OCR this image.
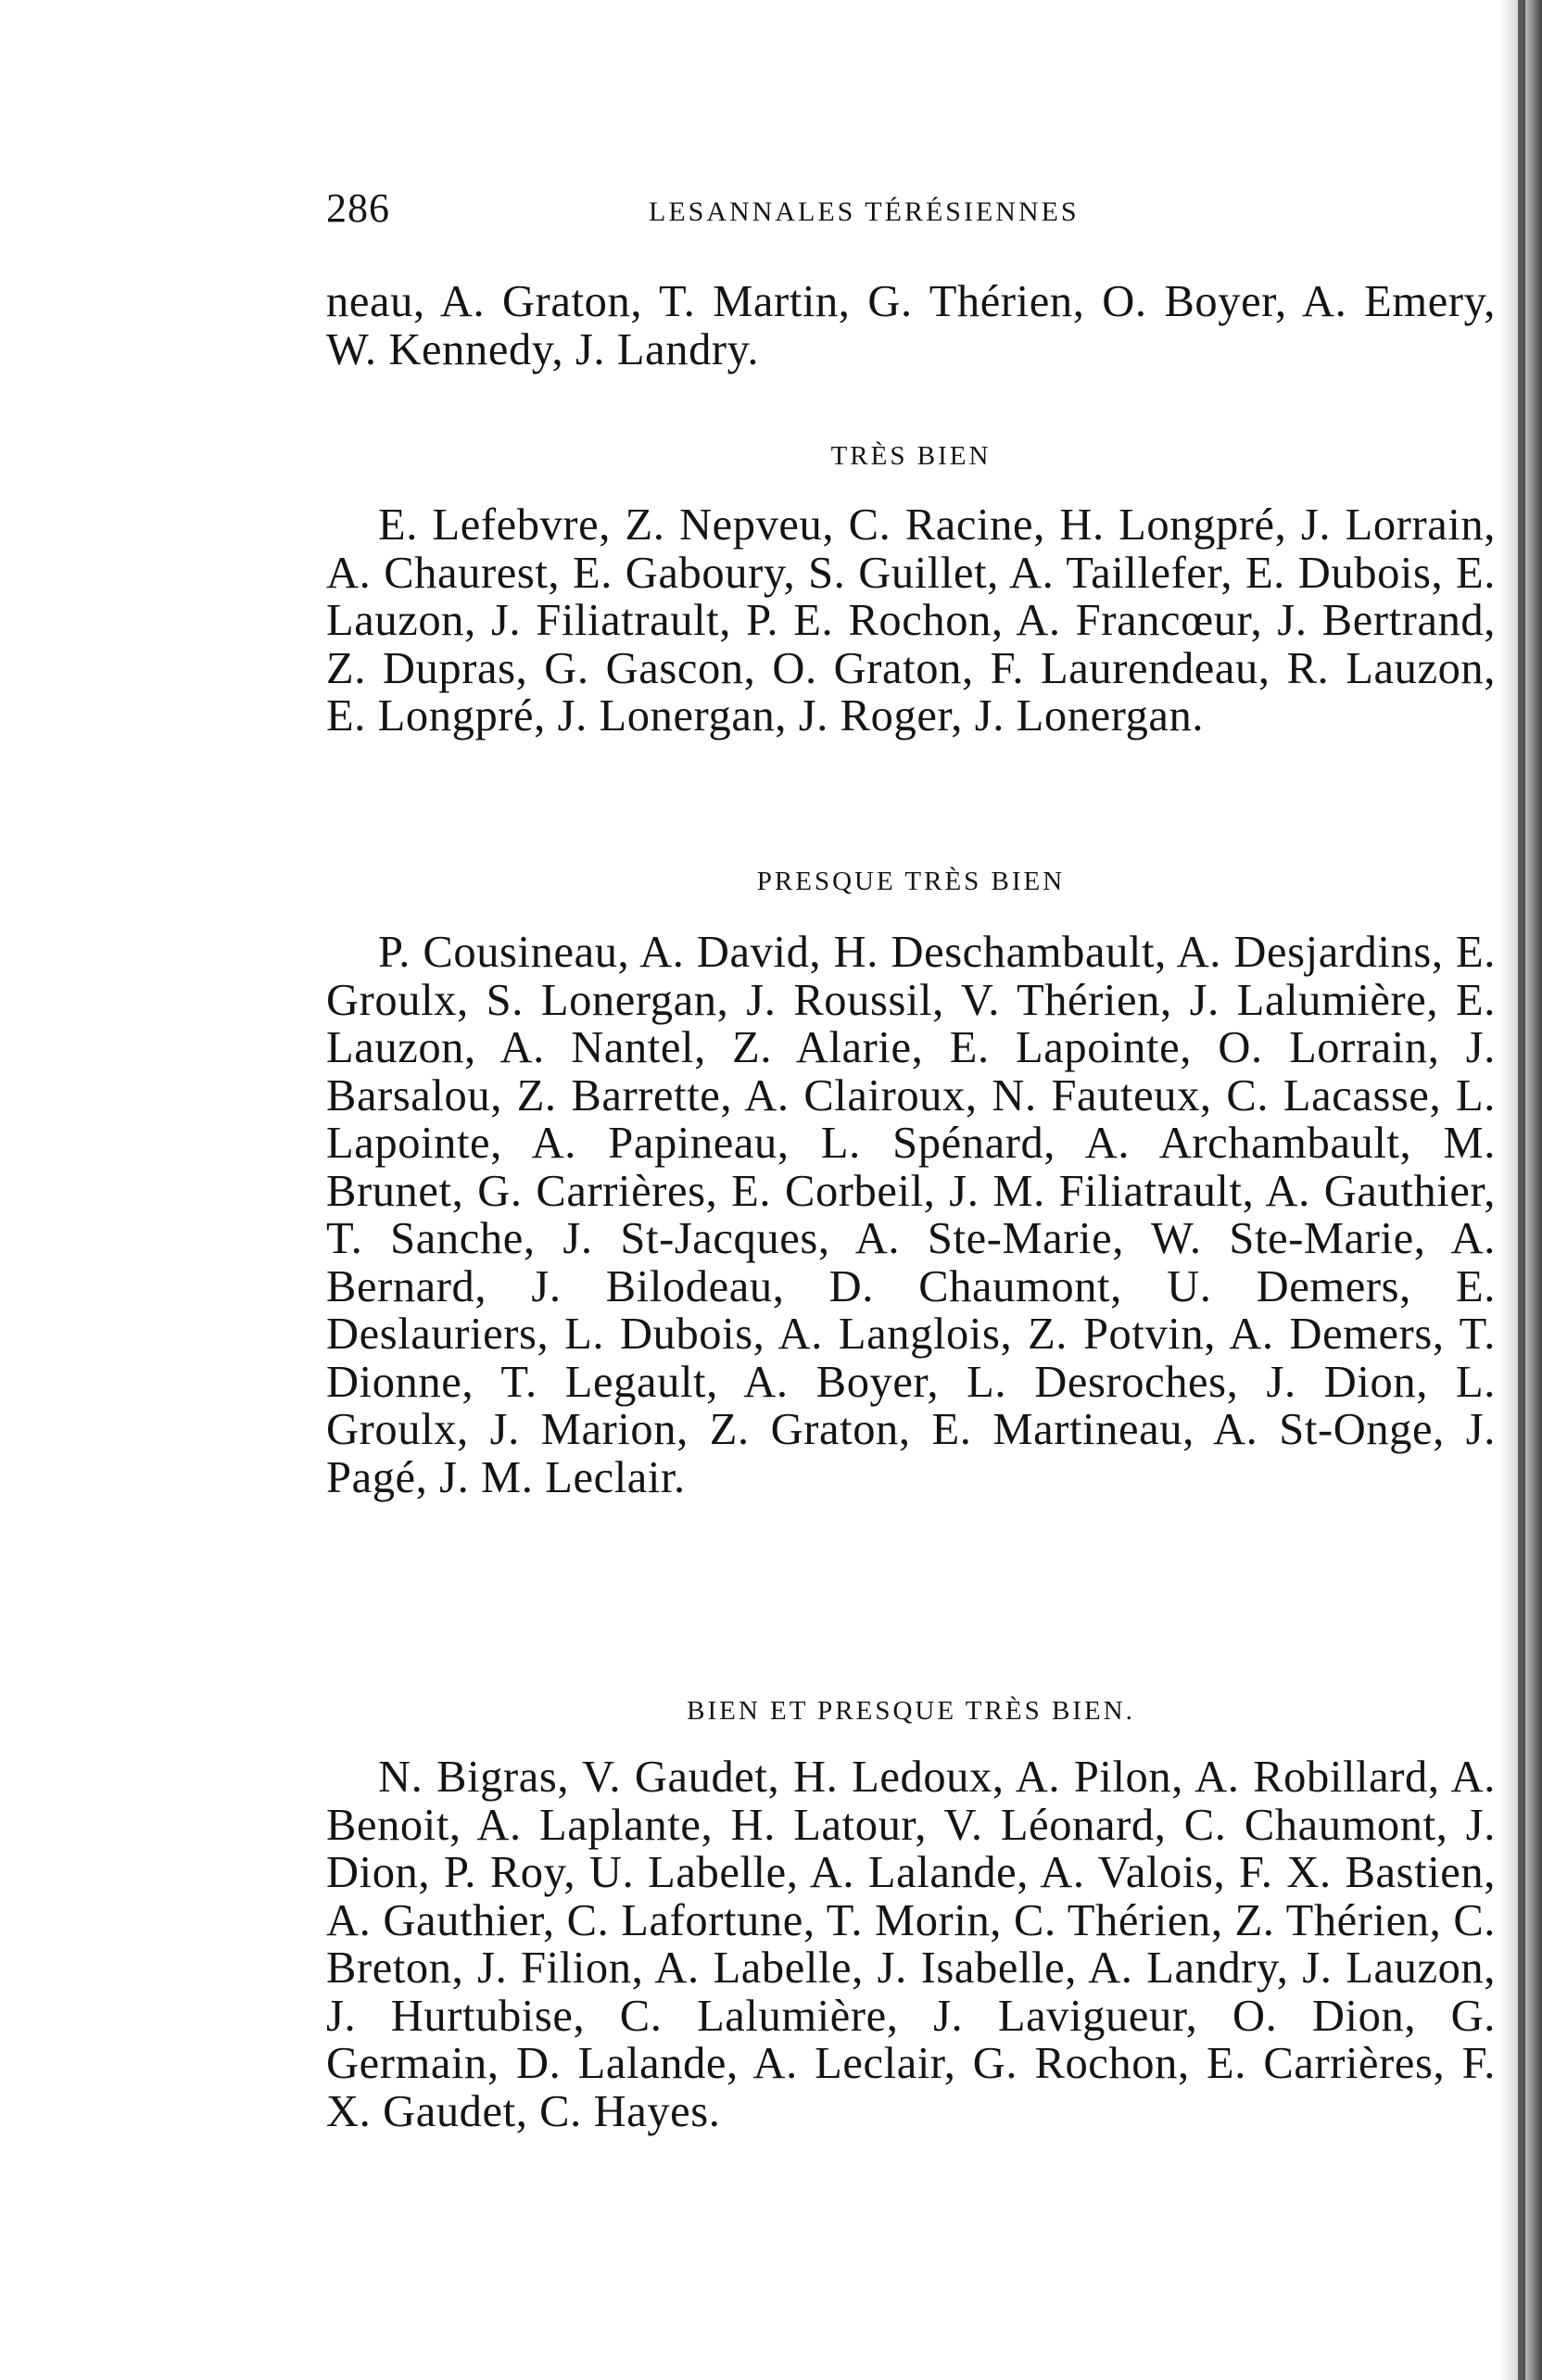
286	LESANNALES TÉRÉSIENNES
neau, A. Graton, T. Martin, G. Thérien, O. Boyer, A. Emery, W. Kennedy, J. Landry.
TRÈS BIEN
E. Lefebvre, Z. Nepveu, C. Racine, H. Longpré, J. Lorrain, A. Chaurest, E. Gaboury, S. Guillet, A. Taillefer, E. Dubois, E. Lauzon, J. Filiatrault, P. E. Rochon, A. Francœur, J. Bertrand, Z. Dupras, G. Gascon, O. Graton, F. Laurendeau, R. Lauzon, E. Longpré, J. Lonergan, J. Roger, J. Lonergan.
PRESQUE TRÈS BIEN
P. Cousineau, A. David, H. Deschambault, A. Desjardins, E. Groulx, S. Lonergan, J. Roussil, V. Thérien, J. Lalumière, E. Lauzon, A. Nantel, Z. Alarie, E. Lapointe, O. Lorrain, J. Barsalou, Z. Barrette, A. Clairoux, N. Fauteux, C. Lacasse, L. Lapointe, A. Papineau, L. Spénard, A. Archambault, M. Brunet, G. Carrières, E. Corbeil, J. M. Filiatrault, A. Gauthier, T. Sanche, J. St-Jacques, A. Ste-Marie, W. Ste-Marie, A. Bernard, J. Bilodeau, D. Chaumont, U. Demers, E. Deslauriers, L. Dubois, A. Langlois, Z. Potvin, A. Demers, T. Dionne, T. Legault, A. Boyer, L. Desroches, J. Dion, L. Groulx, J. Marion, Z. Graton, E. Martineau, A. St-Onge, J. Pagé, J. M. Leclair.
BIEN ET PRESQUE TRÈS BIEN.
N. Bigras, V. Gaudet, H. Ledoux, A. Pilon, A. Robillard, A. Benoit, A. Laplante, H. Latour, V. Léonard, C. Chaumont, J. Dion, P. Roy, U. Labelle, A. Lalande, A. Valois, F. X. Bastien, A. Gauthier, C. Lafortune, T. Morin, C. Thérien, Z. Thérien, C. Breton, J. Filion, A. Labelle, J. Isabelle, A. Landry, J. Lauzon, J. Hurtubise, C. Lalumière, J. Lavigueur, O. Dion, G. Germain, D. Lalande, A. Leclair, G. Rochon, E. Carrières, F. X. Gaudet, C. Hayes.
